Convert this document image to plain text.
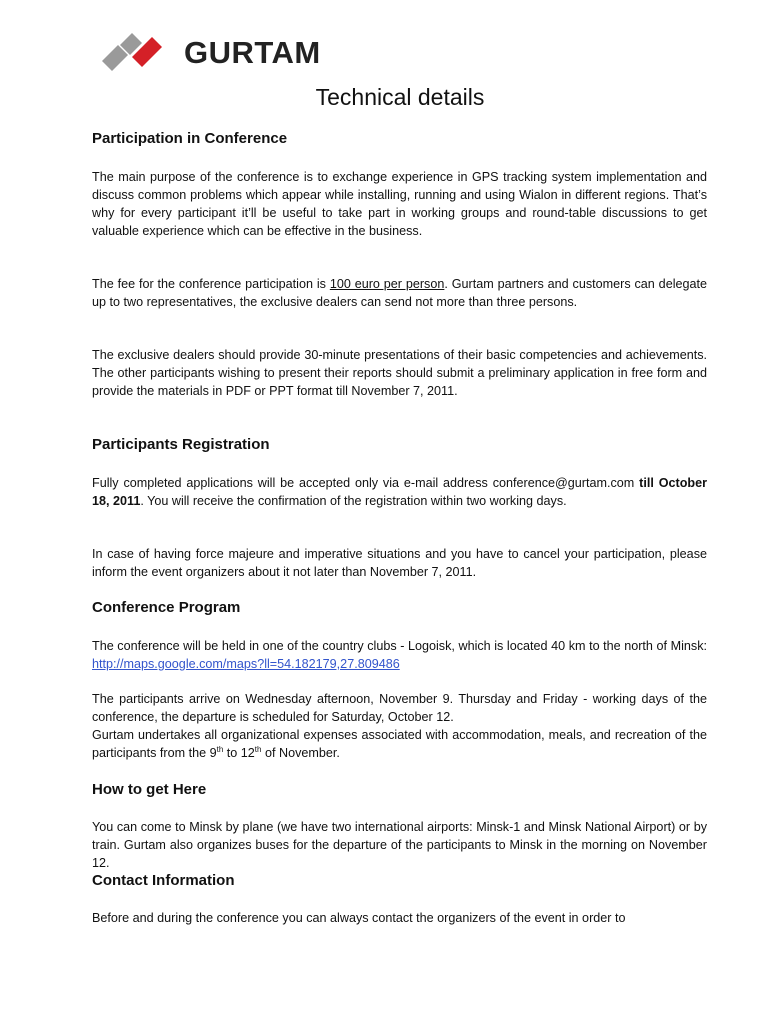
GURTAM
Technical details
Participation in Conference

The main purpose of the conference is to exchange experience in GPS tracking system implementation and discuss common problems which appear while installing, running and using Wialon in different regions. That’s why for every participant it’ll be useful to take part in working groups and round-table discussions to get valuable experience which can be effective in the business.

The fee for the conference participation is 100 euro per person. Gurtam partners and customers can delegate up to two representatives, the exclusive dealers can send not more than three persons.

The exclusive dealers should provide 30-minute presentations of their basic competencies and achievements. The other participants wishing to present their reports should submit a preliminary application in free form and provide the materials in PDF or PPT format till November 7, 2011.

Participants Registration

Fully completed applications will be accepted only via e-mail address conference@gurtam.com till October 18, 2011. You will receive the confirmation of the registration within two working days.

In case of having force majeure and imperative situations and you have to cancel your participation, please inform the event organizers about it not later than November 7, 2011.

Conference Program

The conference will be held in one of the country clubs - Logoisk, which is located 40 km to the north of Minsk: http://maps.google.com/maps?ll=54.182179,27.809486

The participants arrive on Wednesday afternoon, November 9. Thursday and Friday - working days of the conference, the departure is scheduled for Saturday, October 12.
Gurtam undertakes all organizational expenses associated with accommodation, meals, and recreation of the participants from the 9th to 12th of November.

How to get Here

You can come to Minsk by plane (we have two international airports: Minsk-1 and Minsk National Airport) or by train. Gurtam also organizes buses for the departure of the participants to Minsk in the morning on November 12.

Contact Information

Before and during the conference you can always contact the organizers of the event in order to
